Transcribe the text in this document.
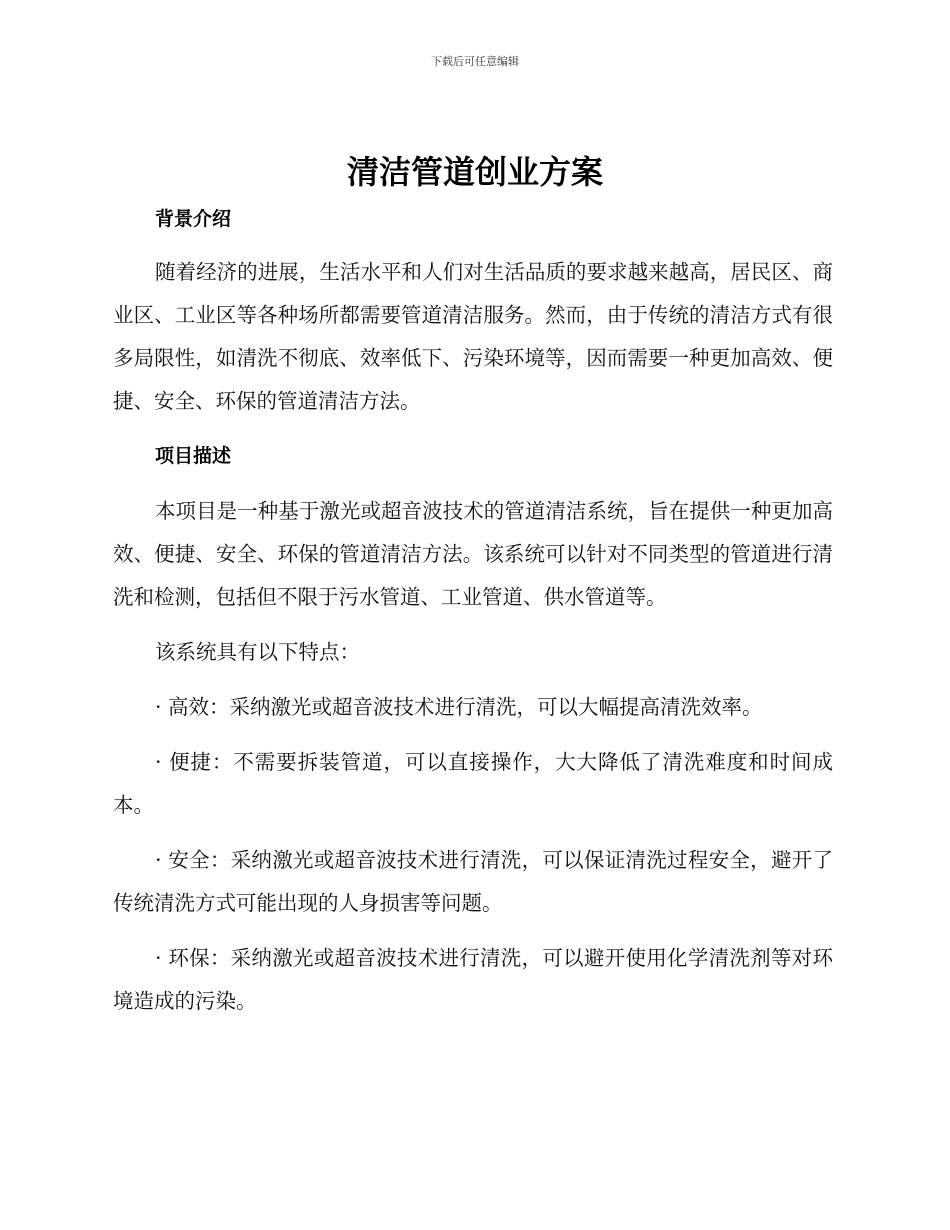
下载后可任意编辑
清洁管道创业方案
背景介绍

随着经济的进展，生活水平和人们对生活品质的要求越来越高，居民区、商业区、工业区等各种场所都需要管道清洁服务。然而，由于传统的清洁方式有很多局限性，如清洗不彻底、效率低下、污染环境等，因而需要一种更加高效、便捷、安全、环保的管道清洁方法。

项目描述

本项目是一种基于激光或超音波技术的管道清洁系统，旨在提供一种更加高效、便捷、安全、环保的管道清洁方法。该系统可以针对不同类型的管道进行清洗和检测，包括但不限于污水管道、工业管道、供水管道等。

该系统具有以下特点：

· 高效：采纳激光或超音波技术进行清洗，可以大幅提高清洗效率。

· 便捷：不需要拆装管道，可以直接操作，大大降低了清洗难度和时间成本。

· 安全：采纳激光或超音波技术进行清洗，可以保证清洗过程安全，避开了传统清洗方式可能出现的人身损害等问题。

· 环保：采纳激光或超音波技术进行清洗，可以避开使用化学清洗剂等对环境造成的污染。
